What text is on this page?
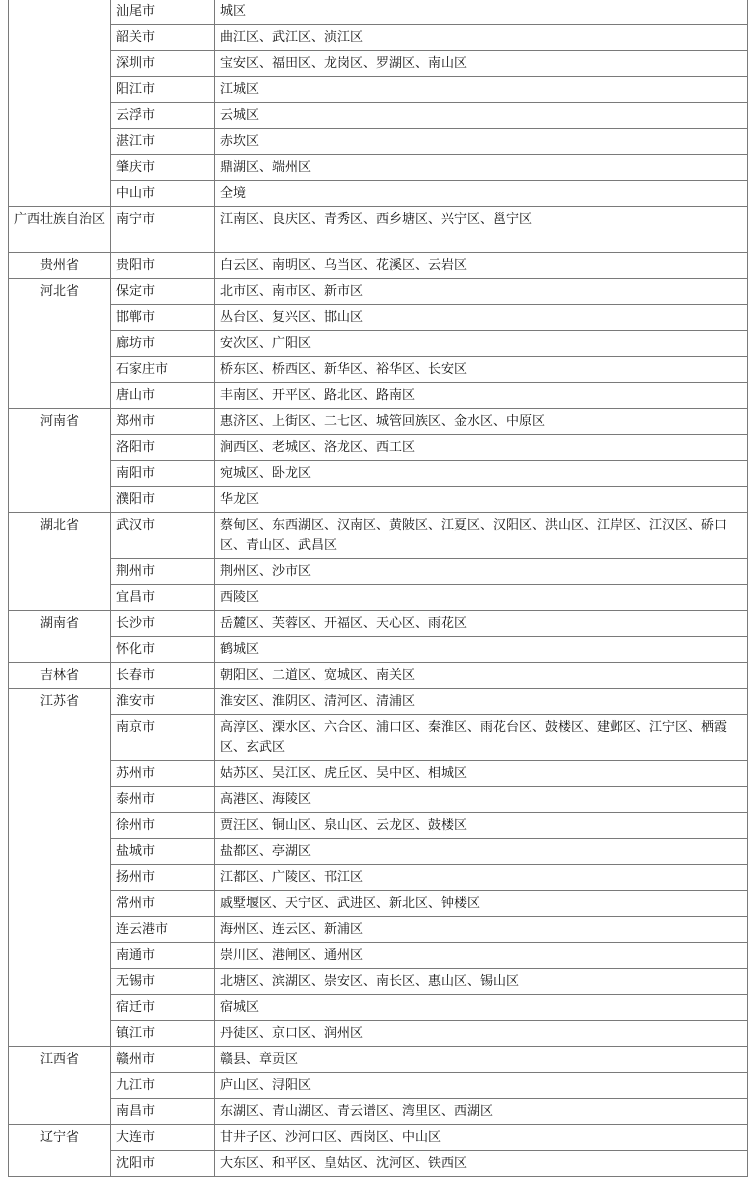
	汕尾市	城区
	韶关市	曲江区、武江区、浈江区
	深圳市	宝安区、福田区、龙岗区、罗湖区、南山区
	阳江市	江城区
	云浮市	云城区
	湛江市	赤坎区
	肇庆市	鼎湖区、端州区
	中山市	全境
广西壮族自治区	南宁市	江南区、良庆区、青秀区、西乡塘区、兴宁区、邕宁区
贵州省	贵阳市	白云区、南明区、乌当区、花溪区、云岩区
河北省	保定市	北市区、南市区、新市区
	邯郸市	丛台区、复兴区、邯山区
	廊坊市	安次区、广阳区
	石家庄市	桥东区、桥西区、新华区、裕华区、长安区
	唐山市	丰南区、开平区、路北区、路南区
河南省	郑州市	惠济区、上街区、二七区、城管回族区、金水区、中原区
	洛阳市	涧西区、老城区、洛龙区、西工区
	南阳市	宛城区、卧龙区
	濮阳市	华龙区
湖北省	武汉市	蔡甸区、东西湖区、汉南区、黄陂区、江夏区、汉阳区、洪山区、江岸区、江汉区、硚口区、青山区、武昌区
	荆州市	荆州区、沙市区
	宜昌市	西陵区
湖南省	长沙市	岳麓区、芙蓉区、开福区、天心区、雨花区
	怀化市	鹤城区
吉林省	长春市	朝阳区、二道区、宽城区、南关区
江苏省	淮安市	淮安区、淮阴区、清河区、清浦区
	南京市	高淳区、溧水区、六合区、浦口区、秦淮区、雨花台区、鼓楼区、建邺区、江宁区、栖霞区、玄武区
	苏州市	姑苏区、吴江区、虎丘区、吴中区、相城区
	泰州市	高港区、海陵区
	徐州市	贾汪区、铜山区、泉山区、云龙区、鼓楼区
	盐城市	盐都区、亭湖区
	扬州市	江都区、广陵区、邗江区
	常州市	戚墅堰区、天宁区、武进区、新北区、钟楼区
	连云港市	海州区、连云区、新浦区
	南通市	崇川区、港闸区、通州区
	无锡市	北塘区、滨湖区、崇安区、南长区、惠山区、锡山区
	宿迁市	宿城区
	镇江市	丹徒区、京口区、润州区
江西省	赣州市	赣县、章贡区
	九江市	庐山区、浔阳区
	南昌市	东湖区、青山湖区、青云谱区、湾里区、西湖区
辽宁省	大连市	甘井子区、沙河口区、西岗区、中山区
	沈阳市	大东区、和平区、皇姑区、沈河区、铁西区
